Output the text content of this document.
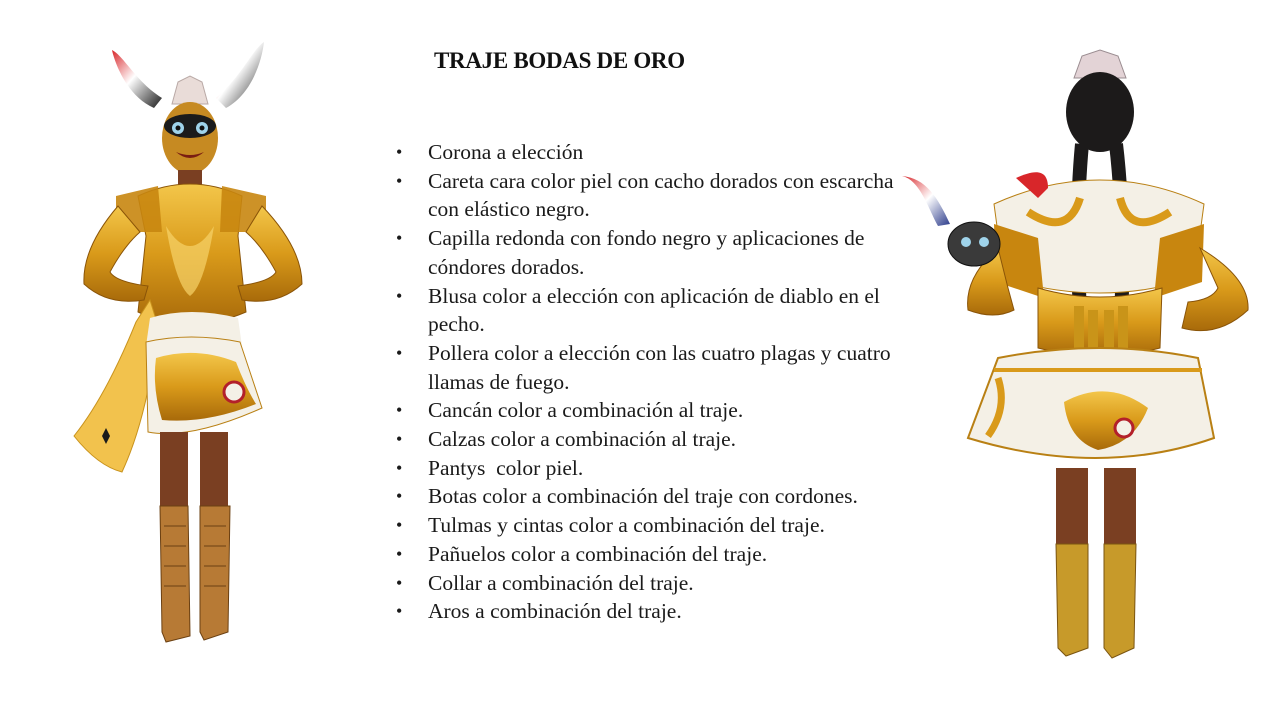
TRAJE BODAS DE ORO
• Corona a elección
• Careta cara color piel con cacho dorados con escarcha con elástico negro.
• Capilla redonda con fondo negro y aplicaciones de cóndores dorados.
• Blusa color a elección con aplicación de diablo en el pecho.
• Pollera color a elección con las cuatro plagas y cuatro llamas de fuego.
• Cancán color a combinación al traje.
• Calzas color a combinación al traje.
• Pantys  color piel.
• Botas color a combinación del traje con cordones.
• Tulmas y cintas color a combinación del traje.
• Pañuelos color a combinación del traje.
• Collar a combinación del traje.
• Aros a combinación del traje.
